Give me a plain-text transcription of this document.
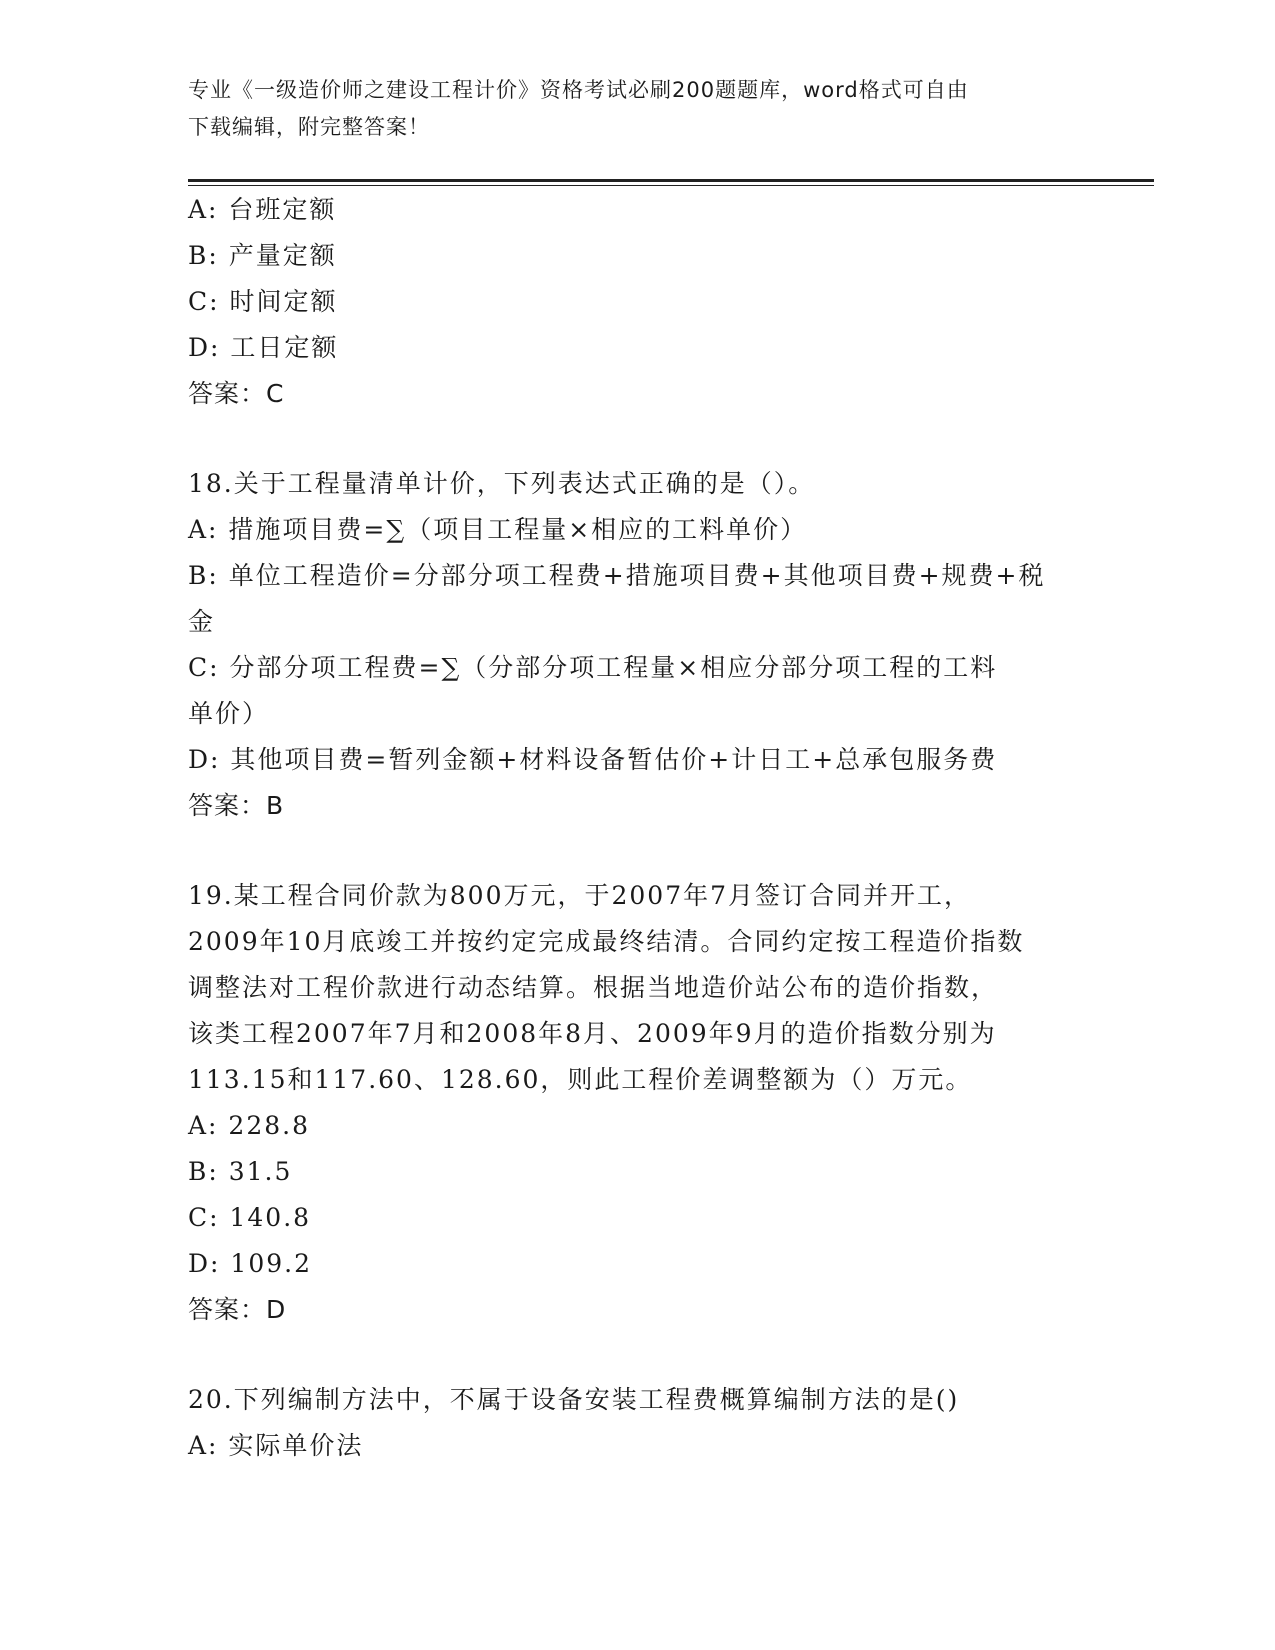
专业《一级造价师之建设工程计价》资格考试必刷200题题库，word格式可自由
下载编辑，附完整答案！
A: 台班定额
B: 产量定额
C: 时间定额
D: 工日定额
答案：C
18.关于工程量清单计价，下列表达式正确的是（）。
A: 措施项目费=∑（项目工程量×相应的工料单价）
B: 单位工程造价=分部分项工程费+措施项目费+其他项目费+规费+税
金
C: 分部分项工程费=∑（分部分项工程量×相应分部分项工程的工料
单价）
D: 其他项目费=暂列金额+材料设备暂估价+计日工+总承包服务费
答案：B
19.某工程合同价款为800万元，于2007年7月签订合同并开工，
2009年10月底竣工并按约定完成最终结清。合同约定按工程造价指数
调整法对工程价款进行动态结算。根据当地造价站公布的造价指数，
该类工程2007年7月和2008年8月、2009年9月的造价指数分别为
113.15和117.60、128.60，则此工程价差调整额为（）万元。
A: 228.8
B: 31.5
C: 140.8
D: 109.2
答案：D
20.下列编制方法中，不属于设备安装工程费概算编制方法的是()
A: 实际单价法
